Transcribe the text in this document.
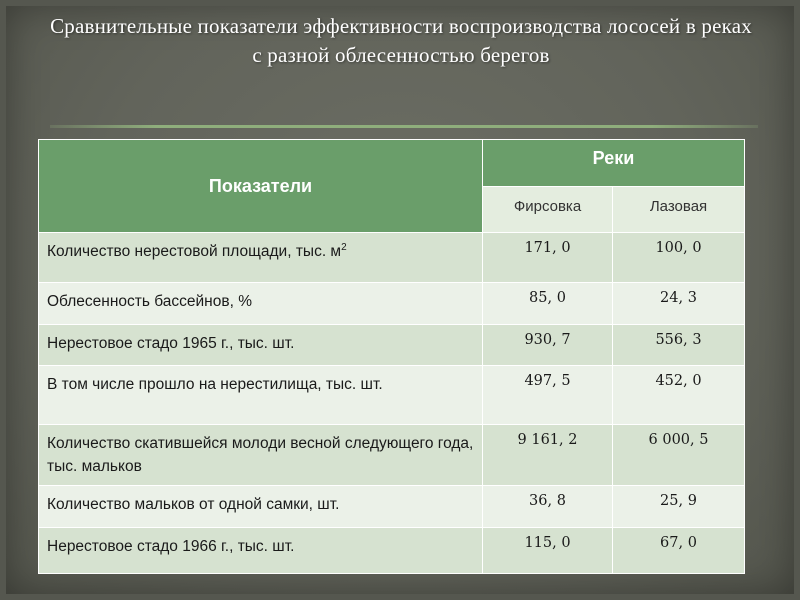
Сравнительные показатели эффективности воспроизводства лососей в реках с разной облесенностью берегов
Показатели	Реки	
	Фирсовка	Лазовая
Количество нерестовой площади, тыс. $м^2$	171, 0	100, 0
Облесенность бассейнов, %	85, 0	24, 3
Нерестовое стадо 1965 г., тыс. шт.	930, 7	556, 3
В том числе прошло на нерестилища, тыс. шт.	497, 5	452, 0
Количество скатившейся молоди весной следующего года, тыс. мальков	9 161, 2	6 000, 5
Количество мальков от одной самки, шт.	36, 8	25, 9
Нерестовое стадо 1966 г., тыс. шт.	115, 0	67, 0
